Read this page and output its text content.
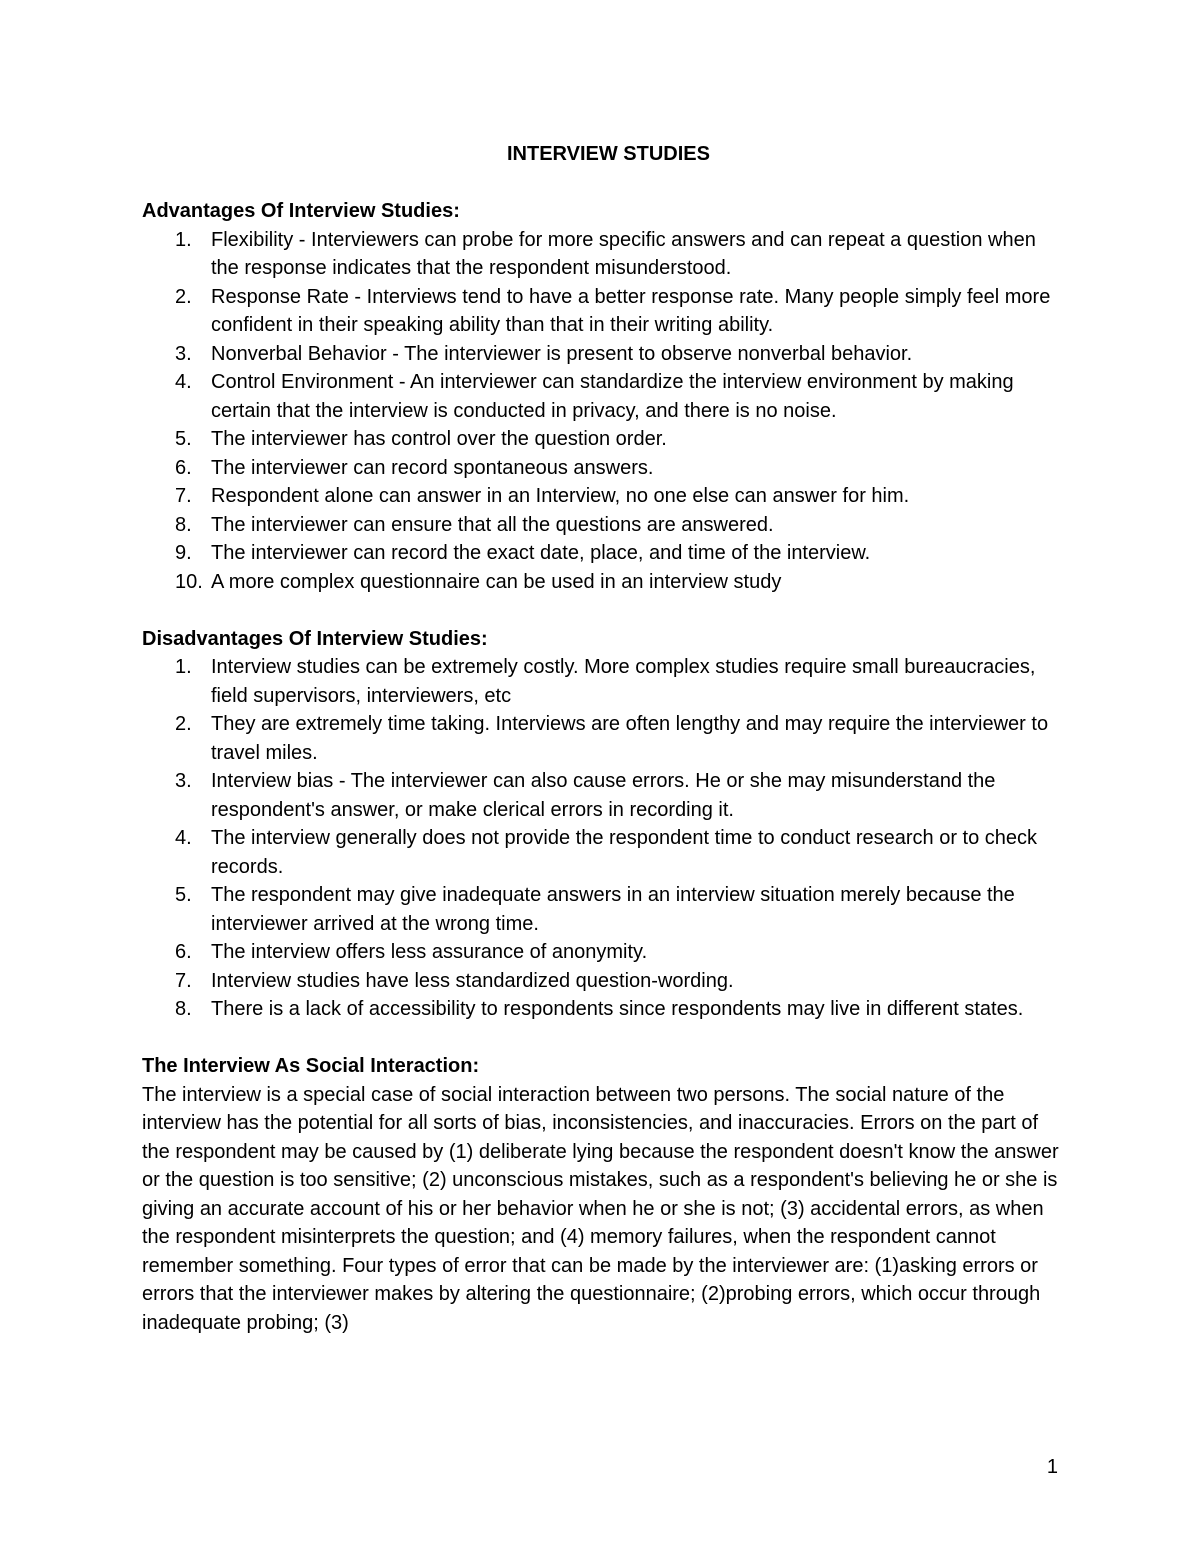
INTERVIEW STUDIES
Advantages Of Interview Studies:
1. Flexibility - Interviewers can probe for more specific answers and can repeat a question when the response indicates that the respondent misunderstood.
2. Response Rate - Interviews tend to have a better response rate. Many people simply feel more confident in their speaking ability than that in their writing ability.
3. Nonverbal Behavior - The interviewer is present to observe nonverbal behavior.
4. Control Environment - An interviewer can standardize the interview environment by making certain that the interview is conducted in privacy, and there is no noise.
5. The interviewer has control over the question order.
6. The interviewer can record spontaneous answers.
7. Respondent alone can answer in an Interview, no one else can answer for him.
8. The interviewer can ensure that all the questions are answered.
9. The interviewer can record the exact date, place, and time of the interview.
10. A more complex questionnaire can be used in an interview study
Disadvantages Of Interview Studies:
1. Interview studies can be extremely costly. More complex studies require small bureaucracies, field supervisors, interviewers, etc
2. They are extremely time taking. Interviews are often lengthy and may require the interviewer to travel miles.
3. Interview bias - The interviewer can also cause errors. He or she may misunderstand the respondent's answer, or make clerical errors in recording it.
4. The interview generally does not provide the respondent time to conduct research or to check records.
5. The respondent may give inadequate answers in an interview situation merely because the interviewer arrived at the wrong time.
6. The interview offers less assurance of anonymity.
7. Interview studies have less standardized question-wording.
8. There is a lack of accessibility to respondents since respondents may live in different states.
The Interview As Social Interaction:

The interview is a special case of social interaction between two persons. The social nature of the interview has the potential for all sorts of bias, inconsistencies, and inaccuracies. Errors on the part of the respondent may be caused by (1) deliberate lying because the respondent doesn't know the answer or the question is too sensitive; (2) unconscious mistakes, such as a respondent's believing he or she is giving an accurate account of his or her behavior when he or she is not; (3) accidental errors, as when the respondent misinterprets the question; and (4) memory failures, when the respondent cannot remember something. Four types of error that can be made by the interviewer are: (1)asking errors or errors that the interviewer makes by altering the questionnaire; (2)probing errors, which occur through inadequate probing; (3)

1
